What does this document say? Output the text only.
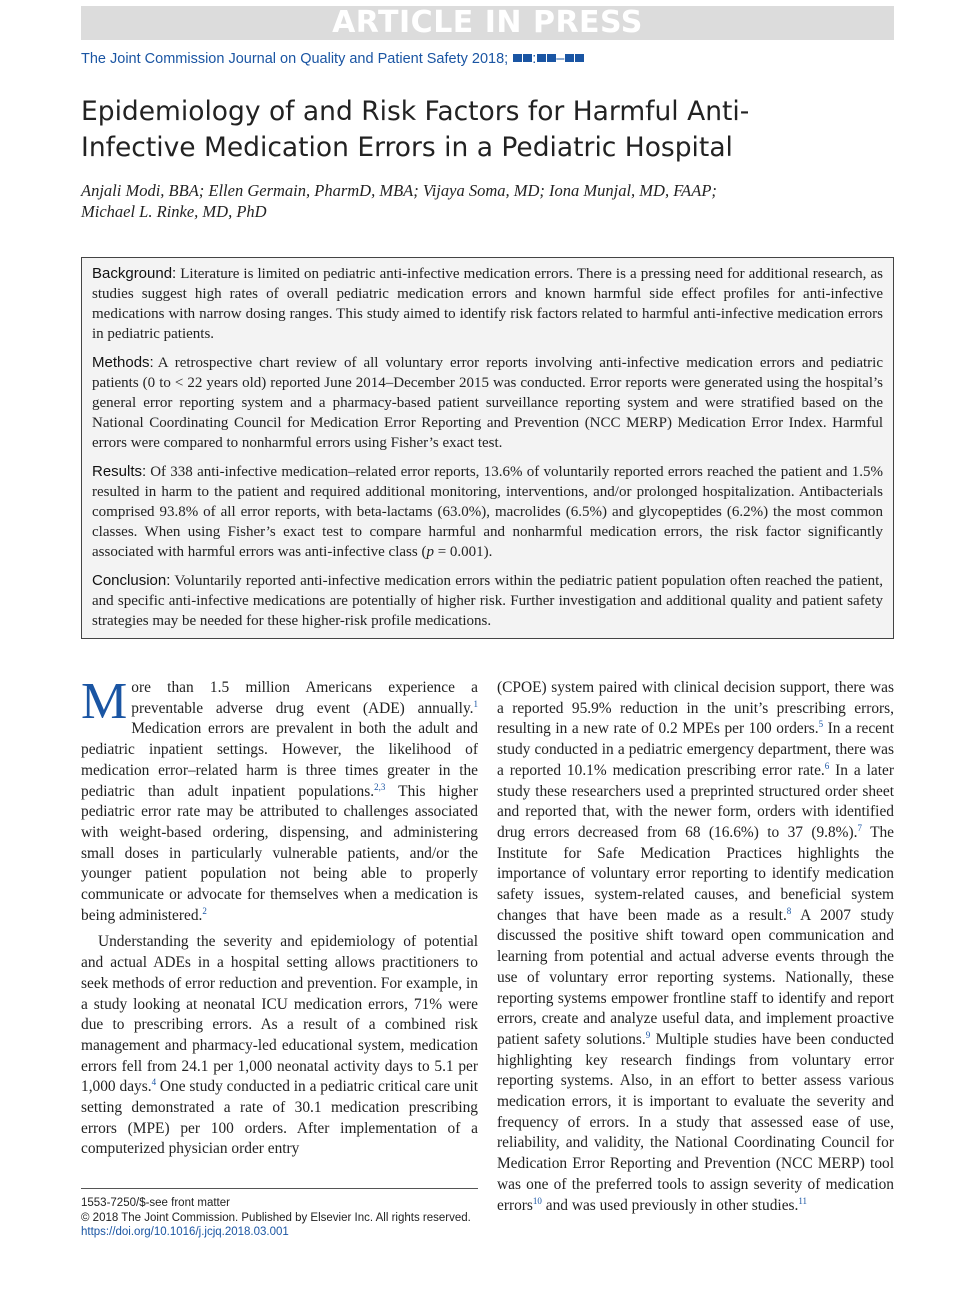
ARTICLE IN PRESS
The Joint Commission Journal on Quality and Patient Safety 2018; : –
Epidemiology of and Risk Factors for Harmful Anti-
Infective Medication Errors in a Pediatric Hospital

Anjali Modi, BBA; Ellen Germain, PharmD, MBA; Vijaya Soma, MD; Iona Munjal, MD, FAAP;
Michael L. Rinke, MD, PhD

Background: Literature is limited on pediatric anti-infective medication errors. There is a pressing need for additional research, as studies suggest high rates of overall pediatric medication errors and known harmful side effect profiles for anti-infective medications with narrow dosing ranges. This study aimed to identify risk factors related to harmful anti-infective medication errors in pediatric patients.

Methods: A retrospective chart review of all voluntary error reports involving anti-infective medication errors and pediatric patients (0 to < 22 years old) reported June 2014–December 2015 was conducted. Error reports were generated using the hospital’s general error reporting system and a pharmacy-based patient surveillance reporting system and were stratified based on the National Coordinating Council for Medication Error Reporting and Prevention (NCC MERP) Medication Error Index. Harmful errors were compared to nonharmful errors using Fisher’s exact test.

Results: Of 338 anti-infective medication–related error reports, 13.6% of voluntarily reported errors reached the patient and 1.5% resulted in harm to the patient and required additional monitoring, interventions, and/or prolonged hospitalization. Antibacterials comprised 93.8% of all error reports, with beta-lactams (63.0%), macrolides (6.5%) and glycopeptides (6.2%) the most common classes. When using Fisher’s exact test to compare harmful and nonharmful medication errors, the risk factor significantly associated with harmful errors was anti-infective class (p = 0.001).

Conclusion: Voluntarily reported anti-infective medication errors within the pediatric patient population often reached the patient, and specific anti-infective medications are potentially of higher risk. Further investigation and additional quality and patient safety strategies may be needed for these higher-risk profile medications.

More than 1.5 million Americans experience a preventable adverse drug event (ADE) annually.$^1$ Medication errors are prevalent in both the adult and pediatric inpatient settings. However, the likelihood of medication error–related harm is three times greater in the pediatric than adult inpatient populations.$^{2,3}$ This higher pediatric error rate may be attributed to challenges associated with weight-based ordering, dispensing, and administering small doses in particularly vulnerable patients, and/or the younger patient population not being able to properly communicate or advocate for themselves when a medication is being administered.$^2$

Understanding the severity and epidemiology of potential and actual ADEs in a hospital setting allows practitioners to seek methods of error reduction and prevention. For example, in a study looking at neonatal ICU medication errors, 71% were due to prescribing errors. As a result of a combined risk management and pharmacy-led educational system, medication errors fell from 24.1 per 1,000 neonatal activity days to 5.1 per 1,000 days.$^4$ One study conducted in a pediatric critical care unit setting demonstrated a rate of 30.1 medication prescribing errors (MPE) per 100 orders. After implementation of a computerized physician order entry

(CPOE) system paired with clinical decision support, there was a reported 95.9% reduction in the unit’s prescribing errors, resulting in a new rate of 0.2 MPEs per 100 orders.$^5$ In a recent study conducted in a pediatric emergency department, there was a reported 10.1% medication prescribing error rate.$^6$ In a later study these researchers used a preprinted structured order sheet and reported that, with the newer form, orders with identified drug errors decreased from 68 (16.6%) to 37 (9.8%).$^7$ The Institute for Safe Medication Practices highlights the importance of voluntary error reporting to identify medication safety issues, system-related causes, and beneficial system changes that have been made as a result.$^8$ A 2007 study discussed the positive shift toward open communication and learning from potential and actual adverse events through the use of voluntary error reporting systems. Nationally, these reporting systems empower frontline staff to identify and report errors, create and analyze useful data, and implement proactive patient safety solutions.$^9$ Multiple studies have been conducted highlighting key research findings from voluntary error reporting systems. Also, in an effort to better assess various medication errors, it is important to evaluate the severity and frequency of errors. In a study that assessed ease of use, reliability, and validity, the National Coordinating Council for Medication Error Reporting and Prevention (NCC MERP) tool was one of the preferred tools to assign severity of medication errors$^{10}$ and was used previously in other studies.$^{11}$

1553-7250/$-see front matter
© 2018 The Joint Commission. Published by Elsevier Inc. All rights reserved.
https://doi.org/10.1016/j.jcjq.2018.03.001
